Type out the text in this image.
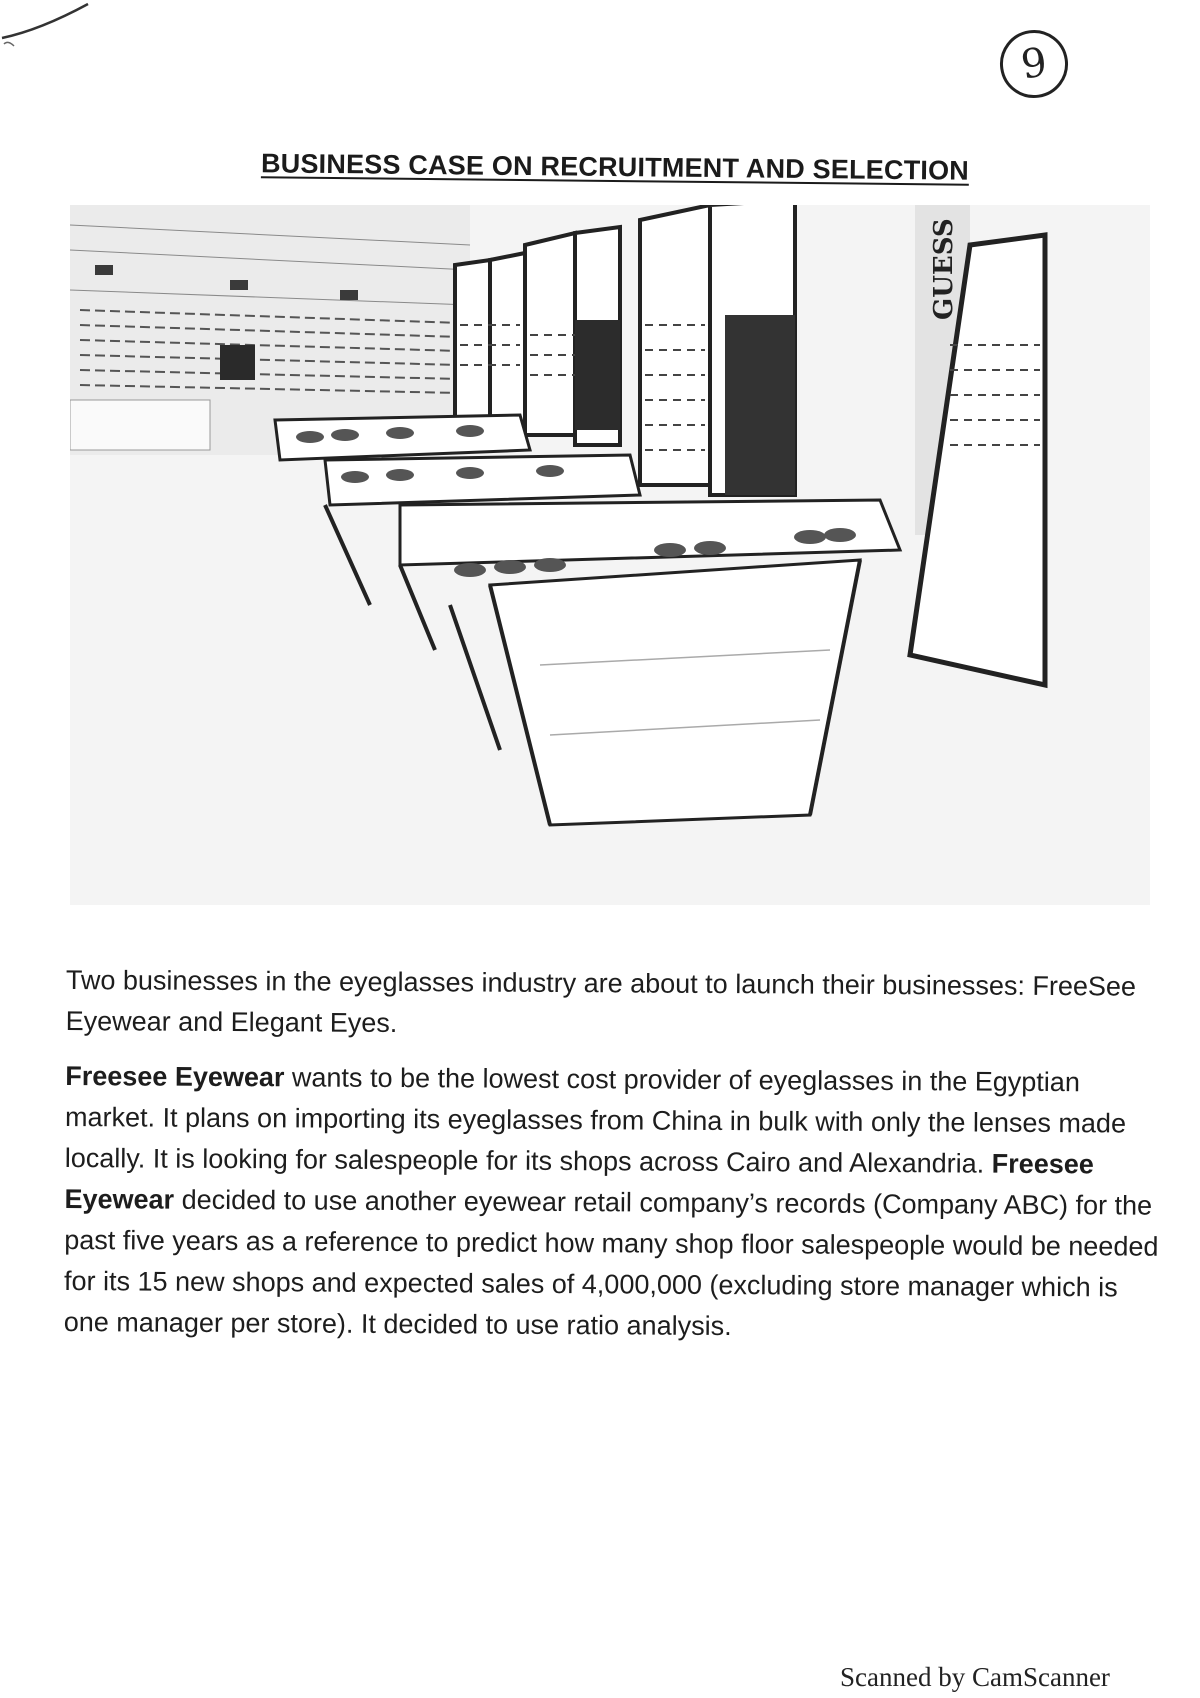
9
BUSINESS CASE ON RECRUITMENT AND SELECTION
GUESS

Two businesses in the eyeglasses industry are about to launch their businesses: FreeSee Eyewear and Elegant Eyes.

Freesee Eyewear wants to be the lowest cost provider of eyeglasses in the Egyptian market. It plans on importing its eyeglasses from China in bulk with only the lenses made locally. It is looking for salespeople for its shops across Cairo and Alexandria. Freesee Eyewear decided to use another eyewear retail company’s records (Company ABC) for the past five years as a reference to predict how many shop floor salespeople would be needed for its 15 new shops and expected sales of 4,000,000 (excluding store manager which is one manager per store). It decided to use ratio analysis.

Scanned by CamScanner
